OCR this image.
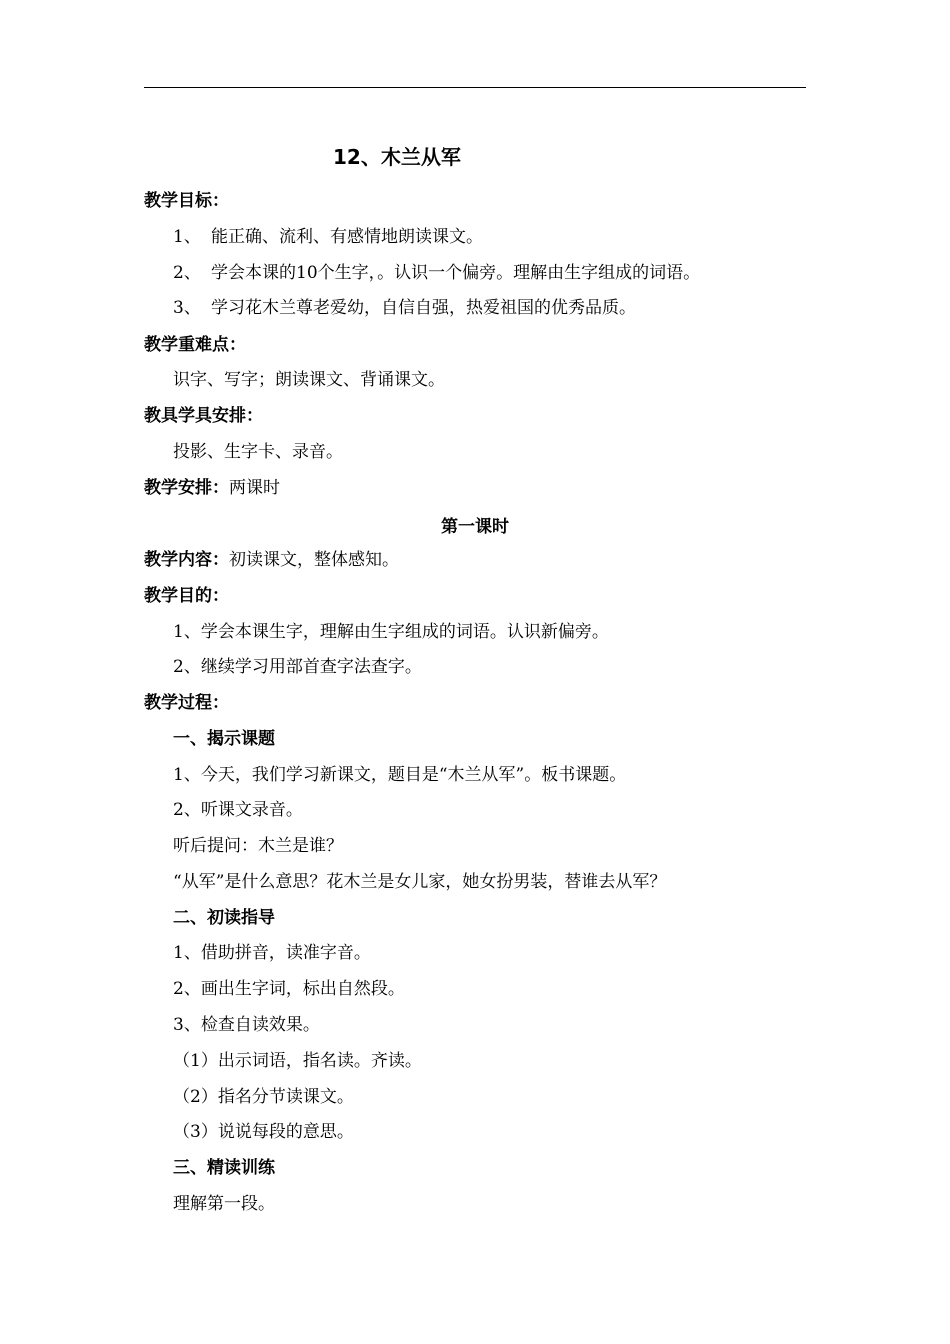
12、木兰从军
教学目标：
1、 能正确、流利、有感情地朗读课文。
2、 学会本课的10个生字，。认识一个偏旁。理解由生字组成的词语。
3、 学习花木兰尊老爱幼，自信自强，热爱祖国的优秀品质。
教学重难点：
识字、写字；朗读课文、背诵课文。
教具学具安排：
投影、生字卡、录音。
教学安排：两课时
第一课时
教学内容：初读课文，整体感知。
教学目的：
1、学会本课生字，理解由生字组成的词语。认识新偏旁。
2、继续学习用部首查字法查字。
教学过程：
一、揭示课题
1、今天，我们学习新课文，题目是“木兰从军”。板书课题。
2、听课文录音。
听后提问：木兰是谁？
“从军”是什么意思？花木兰是女儿家，她女扮男装，替谁去从军？
二、初读指导
1、借助拼音，读准字音。
2、画出生字词，标出自然段。
3、检查自读效果。
（1）出示词语，指名读。齐读。
（2）指名分节读课文。
（3）说说每段的意思。
三、精读训练
理解第一段。
